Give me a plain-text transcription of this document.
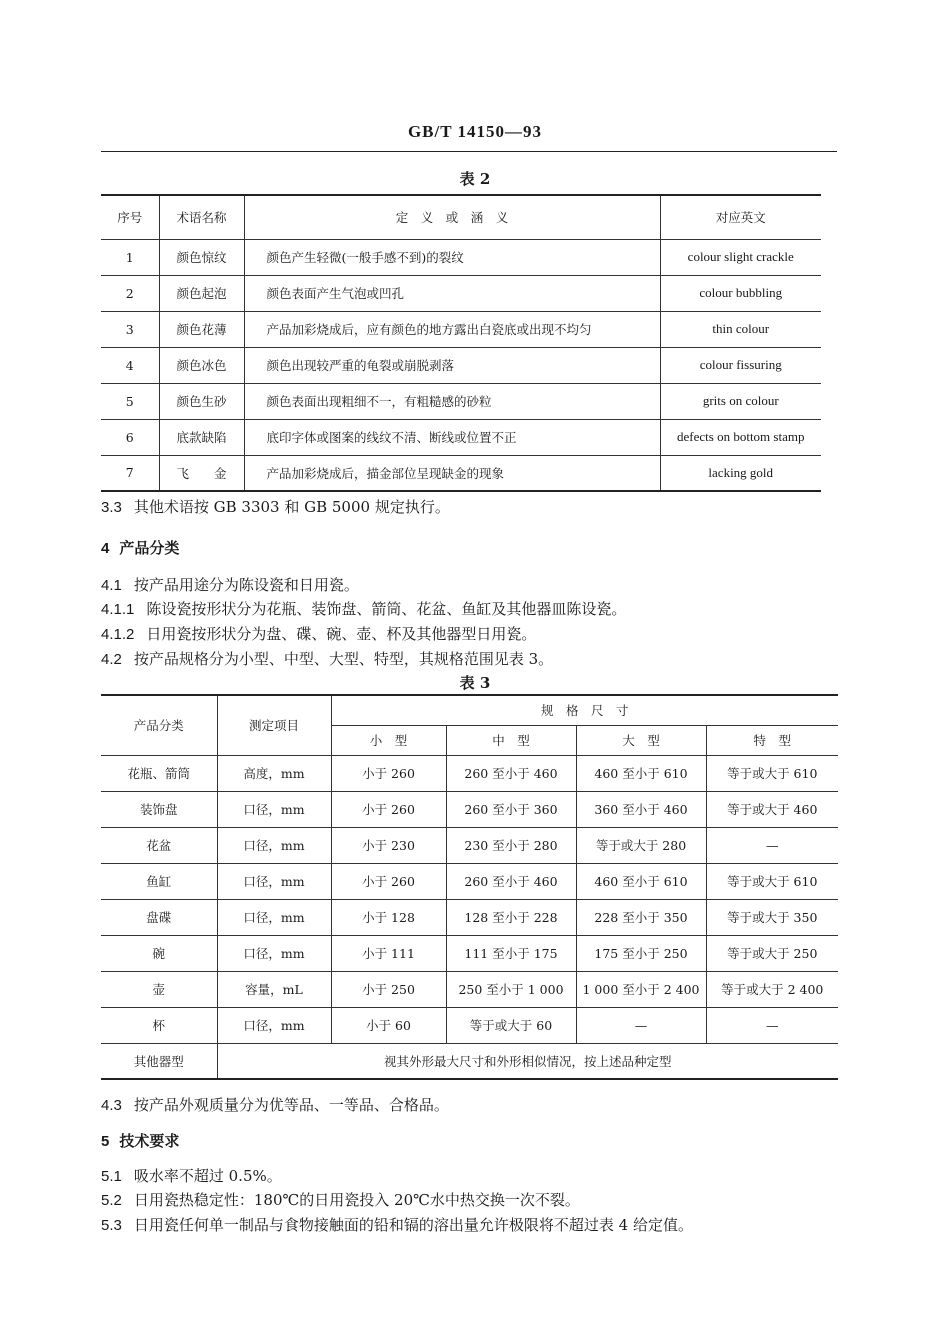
GB/T 14150—93
表 2
序号	术语名称	定　义　或　涵　义	对应英文
1	颜色惊纹	颜色产生轻微(一般手感不到)的裂纹	colour slight crackle
2	颜色起泡	颜色表面产生气泡或凹孔	colour bubbling
3	颜色花薄	产品加彩烧成后，应有颜色的地方露出白瓷底或出现不均匀	thin colour
4	颜色冰色	颜色出现较严重的龟裂或崩脱剥落	colour fissuring
5	颜色生砂	颜色表面出现粗细不一，有粗糙感的砂粒	grits on colour
6	底款缺陷	底印字体或图案的线纹不清、断线或位置不正	defects on bottom stamp
7	飞　　金	产品加彩烧成后，描金部位呈现缺金的现象	lacking gold
3.3 其他术语按 GB 3303 和 GB 5000 规定执行。
4 产品分类
4.1 按产品用途分为陈设瓷和日用瓷。
4.1.1 陈设瓷按形状分为花瓶、装饰盘、箭筒、花盆、鱼缸及其他器皿陈设瓷。
4.1.2 日用瓷按形状分为盘、碟、碗、壶、杯及其他器型日用瓷。
4.2 按产品规格分为小型、中型、大型、特型，其规格范围见表 3。
表 3
产品分类	测定项目	规　格　尺　寸			
		小　型	中　型	大　型	特　型
花瓶、箭筒	高度，mm	小于 260	260 至小于 460	460 至小于 610	等于或大于 610
装饰盘	口径，mm	小于 260	260 至小于 360	360 至小于 460	等于或大于 460
花盆	口径，mm	小于 230	230 至小于 280	等于或大于 280	—
鱼缸	口径，mm	小于 260	260 至小于 460	460 至小于 610	等于或大于 610
盘碟	口径，mm	小于 128	128 至小于 228	228 至小于 350	等于或大于 350
碗	口径，mm	小于 111	111 至小于 175	175 至小于 250	等于或大于 250
壶	容量，mL	小于 250	250 至小于 1 000	1 000 至小于 2 400	等于或大于 2 400
杯	口径，mm	小于 60	等于或大于 60	—	—
其他器型	视其外形最大尺寸和外形相似情况，按上述品种定型				
4.3 按产品外观质量分为优等品、一等品、合格品。
5 技术要求
5.1 吸水率不超过 0.5%。
5.2 日用瓷热稳定性：180℃的日用瓷投入 20℃水中热交换一次不裂。
5.3 日用瓷任何单一制品与食物接触面的铅和镉的溶出量允许极限将不超过表 4 给定值。
